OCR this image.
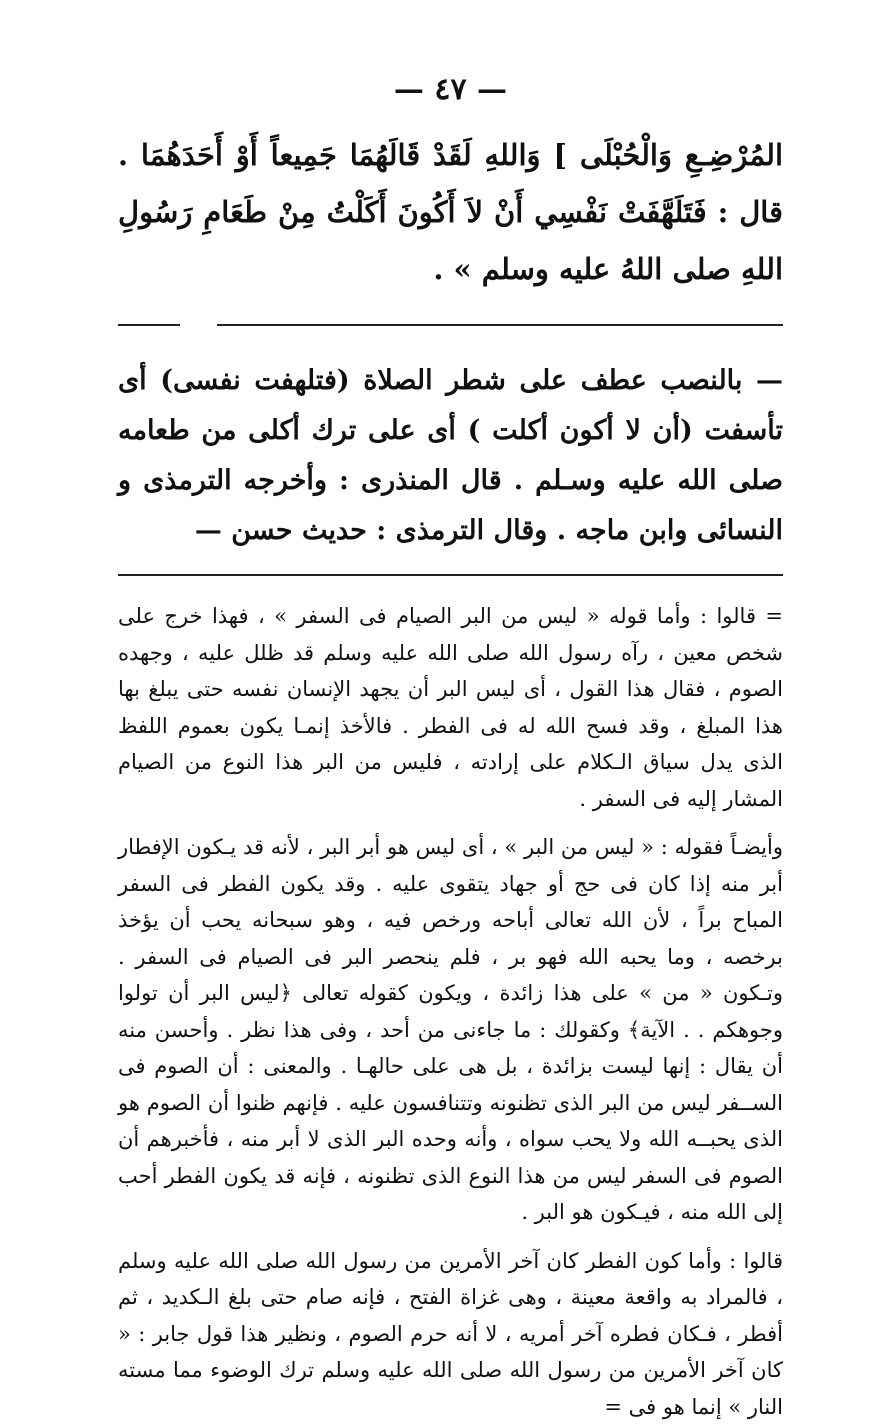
— ٤٧ —

المُرْضِـعِ وَالْحُبْلَى ] وَاللهِ لَقَدْ قَالَهُمَا جَمِيعاً أَوْ أَحَدَهُمَا . قال : فَتَلَهَّفَتْ نَفْسِي أَنْ لاَ أَكُونَ أَكَلْتُ مِنْ طَعَامِ رَسُولِ اللهِ صلى اللهُ عليه وسلم » .

— بالنصب عطف على شطر الصلاة (فتلهفت نفسى) أى تأسفت (أن لا أكون أكلت ) أى على ترك أكلى من طعامه صلى الله عليه وسـلم . قال المنذرى : وأخرجه الترمذى و النسائى وابن ماجه . وقال الترمذى : حديث حسن —

= قالوا : وأما قوله « ليس من البر الصيام فى السفر » ، فهذا خرج على شخص معين ، رآه رسول الله صلى الله عليه وسلم قد ظلل عليه ، وجهده الصوم ، فقال هذا القول ، أى ليس البر أن يجهد الإنسان نفسه حتى يبلغ بها هذا المبلغ ، وقد فسح الله له فى الفطر . فالأخذ إنمـا يكون بعموم اللفظ الذى يدل سياق الـكلام على إرادته ، فليس من البر هذا النوع من الصيام المشار إليه فى السفر .

وأيضـاً فقوله : « ليس من البر » ، أى ليس هو أبر البر ، لأنه قد يـكون الإفطار أبر منه إذا كان فى حج أو جهاد يتقوى عليه . وقد يكون الفطر فى السفر المباح براً ، لأن الله تعالى أباحه ورخص فيه ، وهو سبحانه يحب أن يؤخذ برخصه ، وما يحبه الله فهو بر ، فلم ينحصر البر فى الصيام فى السفر . وتـكون « من » على هذا زائدة ، ويكون كقوله تعالى ﴿ليس البر أن تولوا وجوهكم . . الآية﴾ وكقولك : ما جاءنى من أحد ، وفى هذا نظر . وأحسن منه أن يقال : إنها ليست بزائدة ، بل هى على حالهـا . والمعنى : أن الصوم فى الســفر ليس من البر الذى تظنونه وتتنافسون عليه . فإنهم ظنوا أن الصوم هو الذى يحبــه الله ولا يحب سواه ، وأنه وحده البر الذى لا أبر منه ، فأخبرهم أن الصوم فى السفر ليس من هذا النوع الذى تظنونه ، فإنه قد يكون الفطر أحب إلى الله منه ، فيـكون هو البر .

قالوا : وأما كون الفطر كان آخر الأمرين من رسول الله صلى الله عليه وسلم ، فالمراد به واقعة معينة ، وهى غزاة الفتح ، فإنه صام حتى بلغ الـكديد ، ثم أفطر ، فـكان فطره آخر أمريه ، لا أنه حرم الصوم ، ونظير هذا قول جابر : « كان آخر الأمرين من رسول الله صلى الله عليه وسلم ترك الوضوء مما مسته النار » إنما هو فى =
